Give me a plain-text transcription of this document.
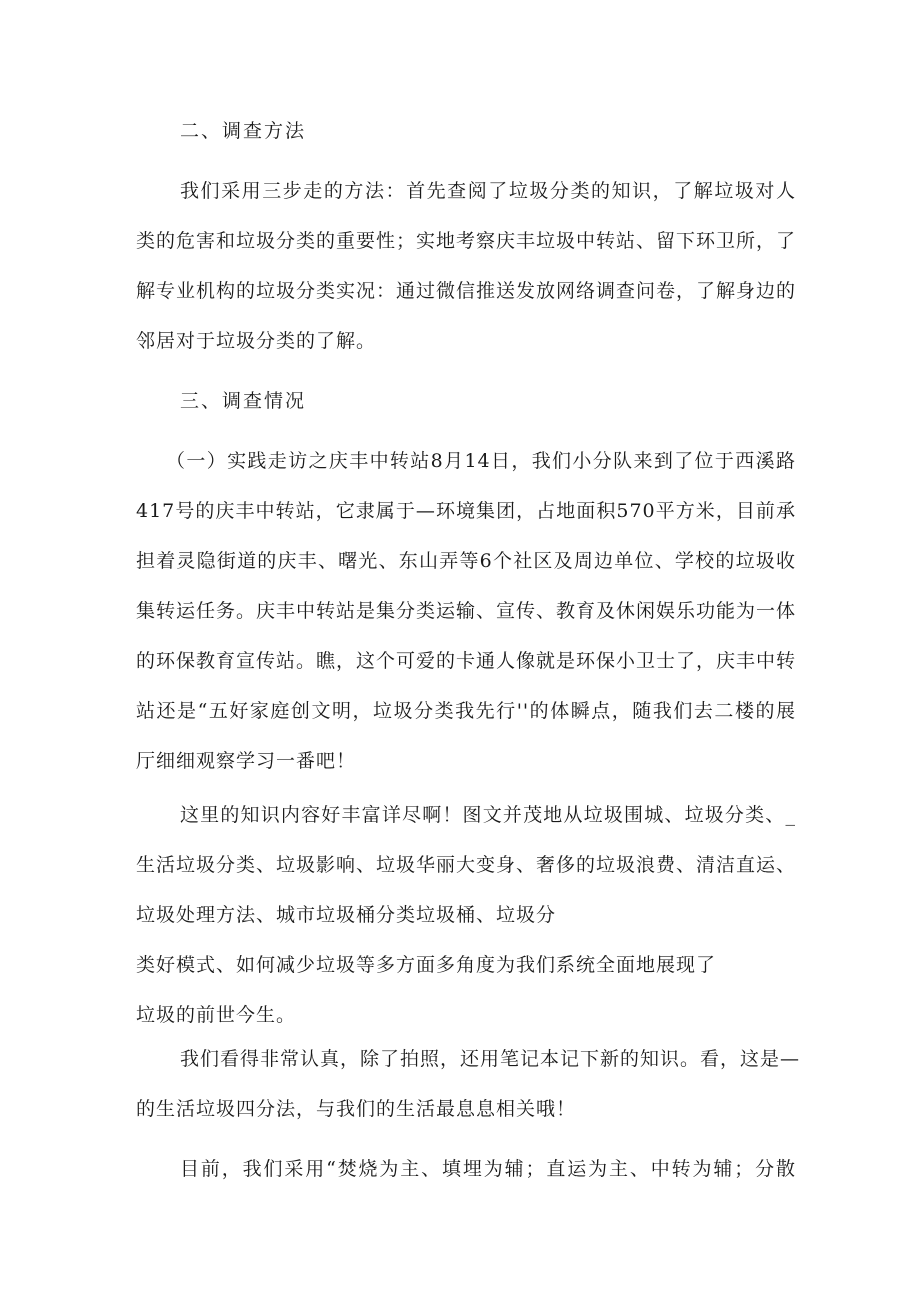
二、调查方法
我们采用三步走的方法：首先查阅了垃圾分类的知识，了解垃圾对人
类的危害和垃圾分类的重要性；实地考察庆丰垃圾中转站、留下环卫所，了
解专业机构的垃圾分类实况：通过微信推送发放网络调查问卷，了解身边的
邻居对于垃圾分类的了解。
三、调查情况
（一）实践走访之庆丰中转站8月14日，我们小分队来到了位于西溪路
417号的庆丰中转站，它隶属于—环境集团，占地面积570平方米，目前承
担着灵隐街道的庆丰、曙光、东山弄等6个社区及周边单位、学校的垃圾收
集转运任务。庆丰中转站是集分类运输、宣传、教育及休闲娱乐功能为一体
的环保教育宣传站。瞧，这个可爱的卡通人像就是环保小卫士了，庆丰中转
站还是“五好家庭创文明，垃圾分类我先行''的体瞬点，随我们去二楼的展
厅细细观察学习一番吧！
这里的知识内容好丰富详尽啊！图文并茂地从垃圾围城、垃圾分类、_
生活垃圾分类、垃圾影响、垃圾华丽大变身、奢侈的垃圾浪费、清洁直运、
垃圾处理方法、城市垃圾桶分类垃圾桶、垃圾分
类好模式、如何减少垃圾等多方面多角度为我们系统全面地展现了
垃圾的前世今生。
我们看得非常认真，除了拍照，还用笔记本记下新的知识。看，这是—
的生活垃圾四分法，与我们的生活最息息相关哦！
目前，我们采用“焚烧为主、填埋为辅；直运为主、中转为辅；分散
